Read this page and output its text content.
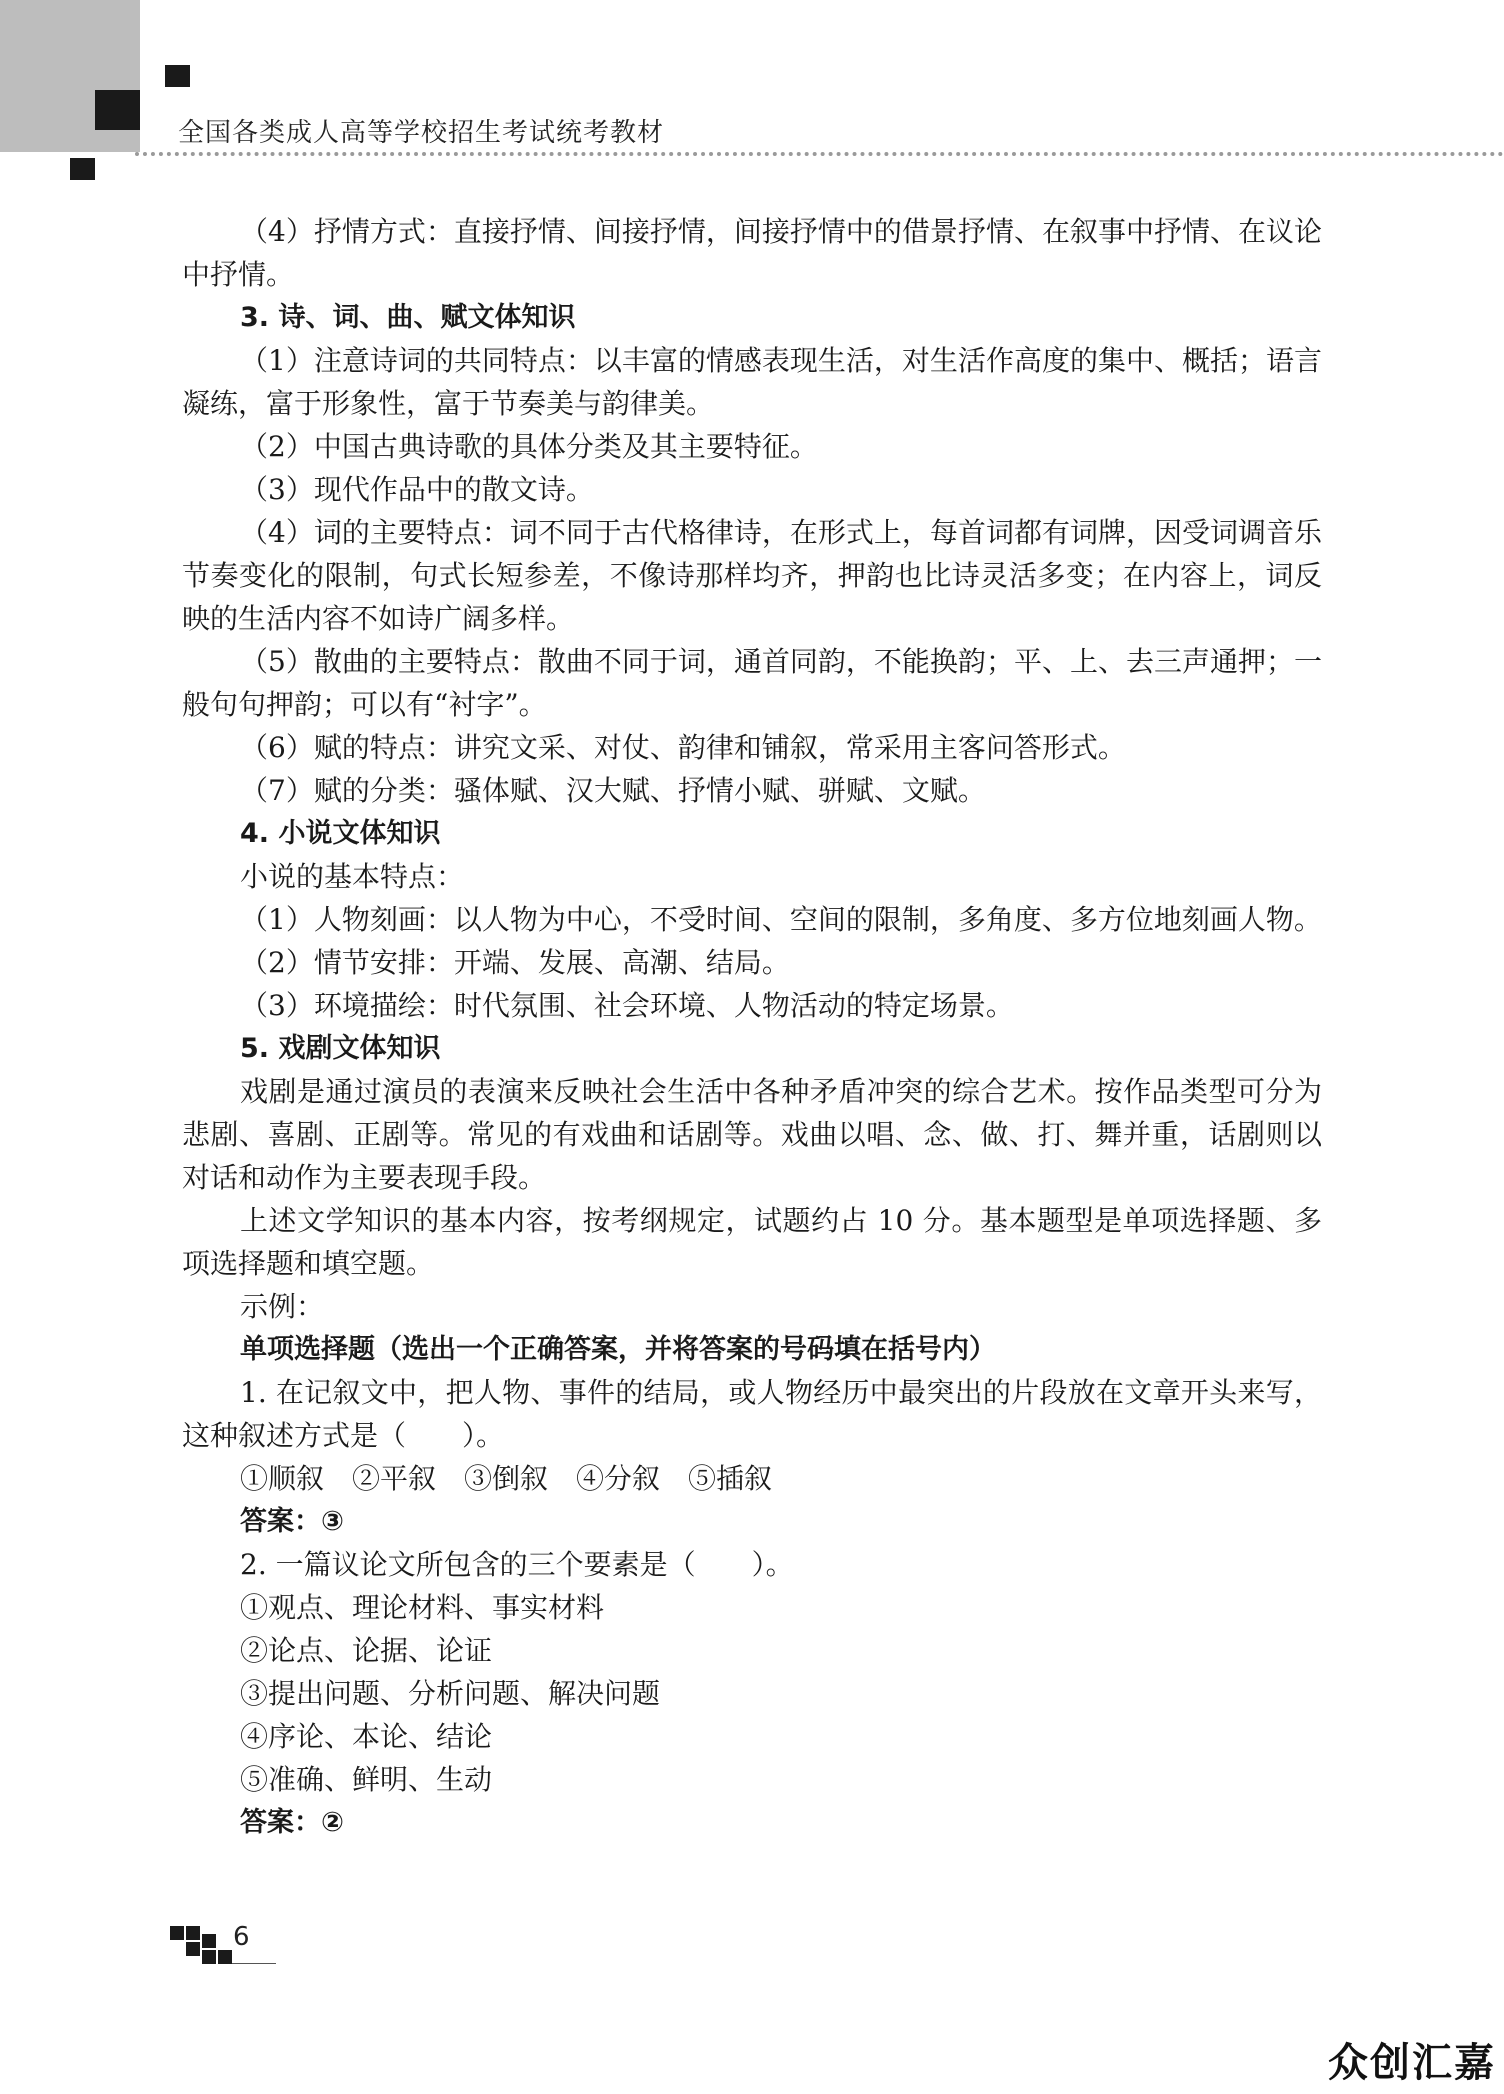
全国各类成人高等学校招生考试统考教材

（4）抒情方式：直接抒情、间接抒情，间接抒情中的借景抒情、在叙事中抒情、在议论中抒情。

3. 诗、词、曲、赋文体知识

（1）注意诗词的共同特点：以丰富的情感表现生活，对生活作高度的集中、概括；语言凝练，富于形象性，富于节奏美与韵律美。

（2）中国古典诗歌的具体分类及其主要特征。

（3）现代作品中的散文诗。

（4）词的主要特点：词不同于古代格律诗，在形式上，每首词都有词牌，因受词调音乐节奏变化的限制，句式长短参差，不像诗那样均齐，押韵也比诗灵活多变；在内容上，词反映的生活内容不如诗广阔多样。

（5）散曲的主要特点：散曲不同于词，通首同韵，不能换韵；平、上、去三声通押；一般句句押韵；可以有“衬字”。

（6）赋的特点：讲究文采、对仗、韵律和铺叙，常采用主客问答形式。

（7）赋的分类：骚体赋、汉大赋、抒情小赋、骈赋、文赋。

4. 小说文体知识

小说的基本特点：

（1）人物刻画：以人物为中心，不受时间、空间的限制，多角度、多方位地刻画人物。

（2）情节安排：开端、发展、高潮、结局。

（3）环境描绘：时代氛围、社会环境、人物活动的特定场景。

5. 戏剧文体知识

戏剧是通过演员的表演来反映社会生活中各种矛盾冲突的综合艺术。按作品类型可分为悲剧、喜剧、正剧等。常见的有戏曲和话剧等。戏曲以唱、念、做、打、舞并重，话剧则以对话和动作为主要表现手段。

上述文学知识的基本内容，按考纲规定，试题约占 10 分。基本题型是单项选择题、多项选择题和填空题。

示例：

单项选择题（选出一个正确答案，并将答案的号码填在括号内）

1. 在记叙文中，把人物、事件的结局，或人物经历中最突出的片段放在文章开头来写，这种叙述方式是（　　）。

①顺叙　②平叙　③倒叙　④分叙　⑤插叙

答案：③

2. 一篇议论文所包含的三个要素是（　　）。

①观点、理论材料、事实材料

②论点、论据、论证

③提出问题、分析问题、解决问题

④序论、本论、结论

⑤准确、鲜明、生动

答案：②

6
众创汇嘉
